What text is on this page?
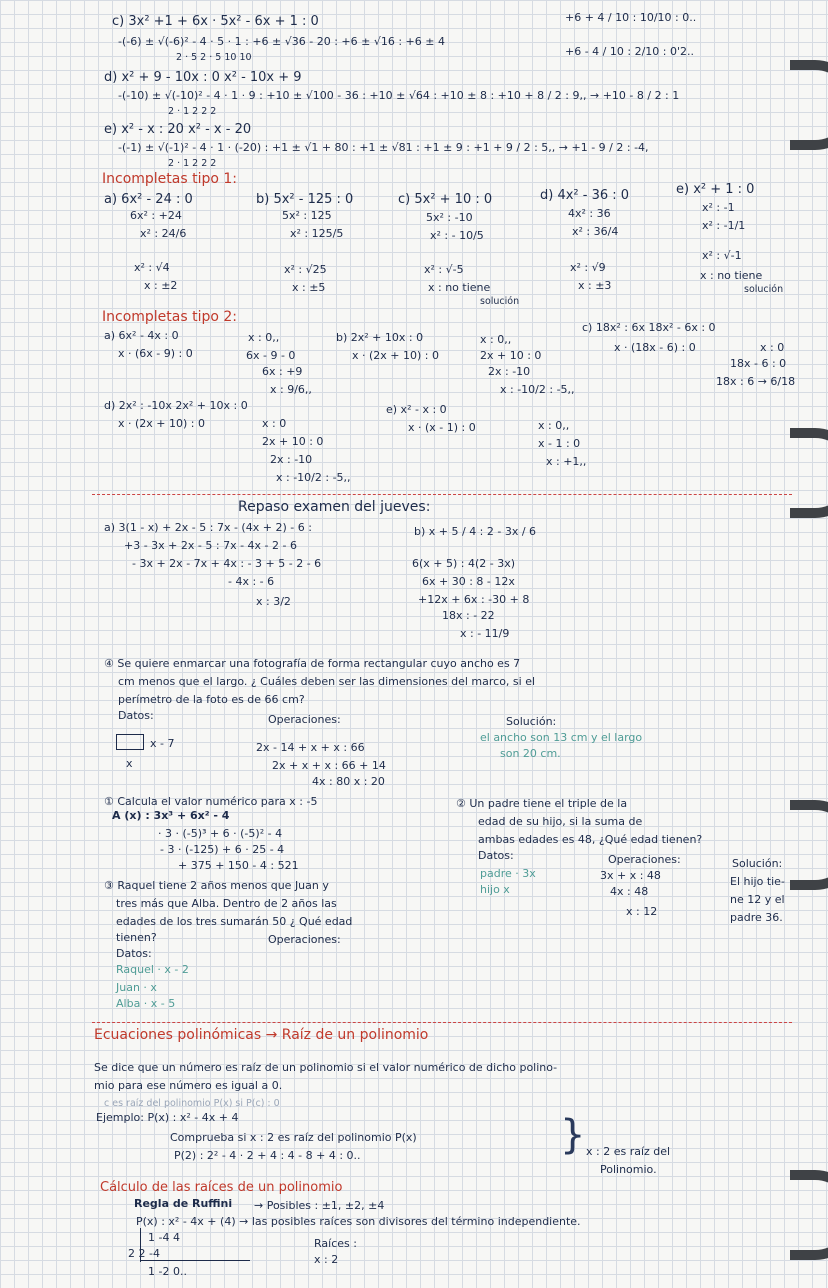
c) 3x² +1 + 6x · 5x² - 6x + 1 : 0
-(-6) ± √(-6)² - 4 · 5 · 1 : +6 ± √36 - 20 : +6 ± √16 : +6 ± 4
2 · 5 2 · 5 10 10
+6 + 4 / 10 : 10/10 : 0..
+6 - 4 / 10 : 2/10 : 0'2..
d) x² + 9 - 10x : 0 x² - 10x + 9
-(-10) ± √(-10)² - 4 · 1 · 9 : +10 ± √100 - 36 : +10 ± √64 : +10 ± 8 : +10 + 8 / 2 : 9,, → +10 - 8 / 2 : 1
2 · 1 2 2 2
e) x² - x : 20 x² - x - 20
-(-1) ± √(-1)² - 4 · 1 · (-20) : +1 ± √1 + 80 : +1 ± √81 : +1 ± 9 : +1 + 9 / 2 : 5,, → +1 - 9 / 2 : -4,
2 · 1 2 2 2
Incompletas tipo 1:
a) 6x² - 24 : 0
6x² : +24
x² : 24/6
x² : √4
x : ±2
b) 5x² - 125 : 0
5x² : 125
x² : 125/5
x² : √25
x : ±5
c) 5x² + 10 : 0
5x² : -10
x² : - 10/5
x² : √-5
x : no tiene
solución
d) 4x² - 36 : 0
4x² : 36
x² : 36/4
x² : √9
x : ±3
e) x² + 1 : 0
x² : -1
x² : -1/1
x² : √-1
x : no tiene
solución
Incompletas tipo 2:
a) 6x² - 4x : 0
x · (6x - 9) : 0
x : 0,,
6x - 9 - 0
6x : +9
x : 9/6,,
b) 2x² + 10x : 0
x · (2x + 10) : 0
x : 0,,
2x + 10 : 0
2x : -10
x : -10/2 : -5,,
c) 18x² : 6x 18x² - 6x : 0
x · (18x - 6) : 0	x : 0
18x - 6 : 0
18x : 6 → 6/18
d) 2x² : -10x 2x² + 10x : 0
x · (2x + 10) : 0	x : 0
2x + 10 : 0
2x : -10
x : -10/2 : -5,,
e) x² - x : 0
x · (x - 1) : 0	x : 0,,
x - 1 : 0
x : +1,,
Repaso examen del jueves:
a) 3(1 - x) + 2x - 5 : 7x - (4x + 2) - 6 :
+3 - 3x + 2x - 5 : 7x - 4x - 2 - 6
- 3x + 2x - 7x + 4x : - 3 + 5 - 2 - 6
- 4x : - 6
x : 3/2
b) x + 5 / 4 : 2 - 3x / 6
6(x + 5) : 4(2 - 3x)
6x + 30 : 8 - 12x
+12x + 6x : -30 + 8
18x : - 22
x : - 11/9
④ Se quiere enmarcar una fotografía de forma rectangular cuyo ancho es 7
cm menos que el largo. ¿ Cuáles deben ser las dimensiones del marco, si el
perímetro de la foto es de 66 cm?
Datos:	Operaciones:	Solución:
x - 7
x
2x - 14 + x + x : 66
2x + x + x : 66 + 14
4x : 80 x : 20
el ancho son 13 cm y el largo
son 20 cm.
① Calcula el valor numérico para x : -5
A (x) : 3x³ + 6x² - 4
· 3 · (-5)³ + 6 · (-5)² - 4
- 3 · (-125) + 6 · 25 - 4
+ 375 + 150 - 4 : 521
② Un padre tiene el triple de la
edad de su hijo, si la suma de
ambas edades es 48, ¿Qué edad tienen?
Datos:	Operaciones:	Solución:
padre · 3x
hijo x
3x + x : 48
4x : 48
x : 12
El hijo tie-
ne 12 y el
padre 36.
③ Raquel tiene 2 años menos que Juan y
tres más que Alba. Dentro de 2 años las
edades de los tres sumarán 50 ¿ Qué edad
tienen?
Datos:
Operaciones:
Raquel · x - 2
Juan · x
Alba · x - 5
Ecuaciones polinómicas → Raíz de un polinomio
Se dice que un número es raíz de un polinomio si el valor numérico de dicho polino-
mio para ese número es igual a 0.
c es raíz del polinomio P(x) si P(c) : 0
Ejemplo: P(x) : x² - 4x + 4
Comprueba si x : 2 es raíz del polinomio P(x)
P(2) : 2² - 4 · 2 + 4 : 4 - 8 + 4 : 0..	} x : 2 es raíz del
Polinomio.
Cálculo de las raíces de un polinomio
Regla de Ruffini → Posibles : ±1, ±2, ±4
P(x) : x² - 4x + (4) → las posibles raíces son divisores del término independiente.
1 -4 4
2 2 -4
1 -2 0..
Raíces :
x : 2
